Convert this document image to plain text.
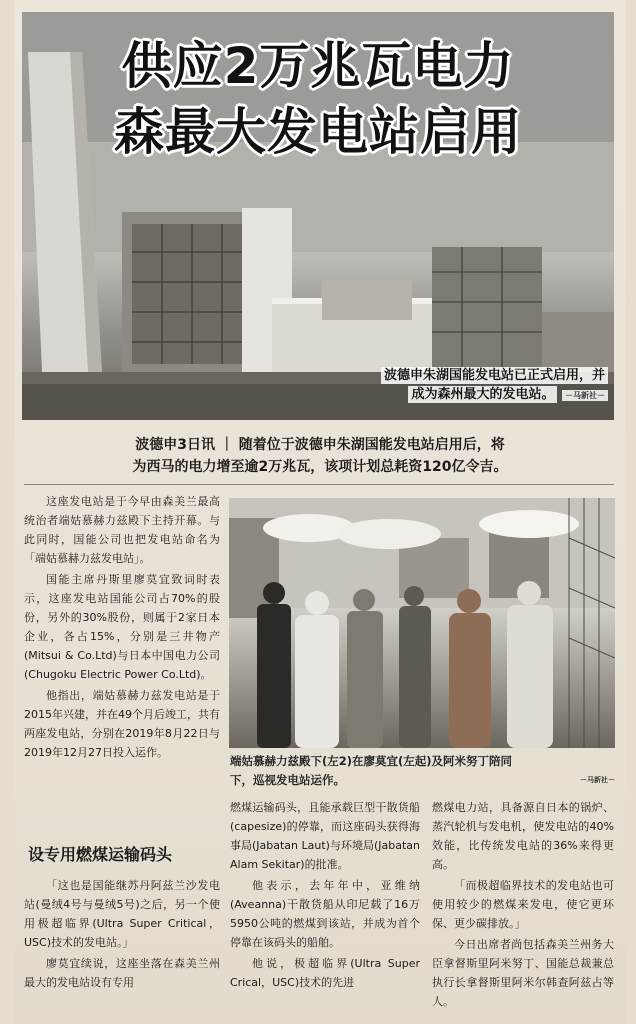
供应2万兆瓦电力
森最大发电站启用
波德申朱湖国能发电站已正式启用，并
成为森州最大的发电站。 －马新社－
波德申3日讯 ｜ 随着位于波德申朱湖国能发电站启用后，将
为西马的电力增至逾2万兆瓦，该项计划总耗资120亿令吉。

这座发电站是于今早由森美兰最高统治者端姑慕赫力兹殿下主持开幕。与此同时，国能公司也把发电站命名为「端姑慕赫力兹发电站」。

国能主席丹斯里廖莫宜致词时表示，这座发电站国能公司占70%的股份，另外的30%股份，则属于2家日本企业，各占15%，分别是三井物产(Mitsui & Co.Ltd)与日本中国电力公司(Chugoku Electric Power Co.Ltd)。

他指出，端姑慕赫力兹发电站是于2015年兴建，并在49个月后竣工，共有两座发电站，分别在2019年8月22日与2019年12月27日投入运作。

设专用燃煤运输码头

「这也是国能继苏丹阿兹兰沙发电站(曼绒4号与曼绒5号)之后，另一个使用极超临界(Ultra Super Critical，USC)技术的发电站。」

廖莫宜续说，这座坐落在森美兰州最大的发电站设有专用

端姑慕赫力兹殿下(左2)在廖莫宜(左起)及阿米努丁陪同
下，巡视发电站运作。	－马新社－

燃煤运输码头，且能承载巨型干散货船(capesize)的停靠，而这座码头获得海事局(Jabatan Laut)与环境局(Jabatan Alam Sekitar)的批准。

他表示，去年年中，亚维纳(Aveanna)干散货船从印尼载了16万5950公吨的燃煤到该站，并成为首个停靠在该码头的船舶。

他说，极超临界(Ultra Super Crical，USC)技术的先进

燃煤电力站，具备源自日本的锅炉、蒸汽轮机与发电机，使发电站的40%效能，比传统发电站的36%来得更高。

「而极超临界技术的发电站也可使用较少的燃煤来发电，使它更环保、更少碳排放。」

今日出席者尚包括森美兰州务大臣拿督斯里阿米努丁、国能总裁兼总执行长拿督斯里阿米尔韩查阿兹占等人。
